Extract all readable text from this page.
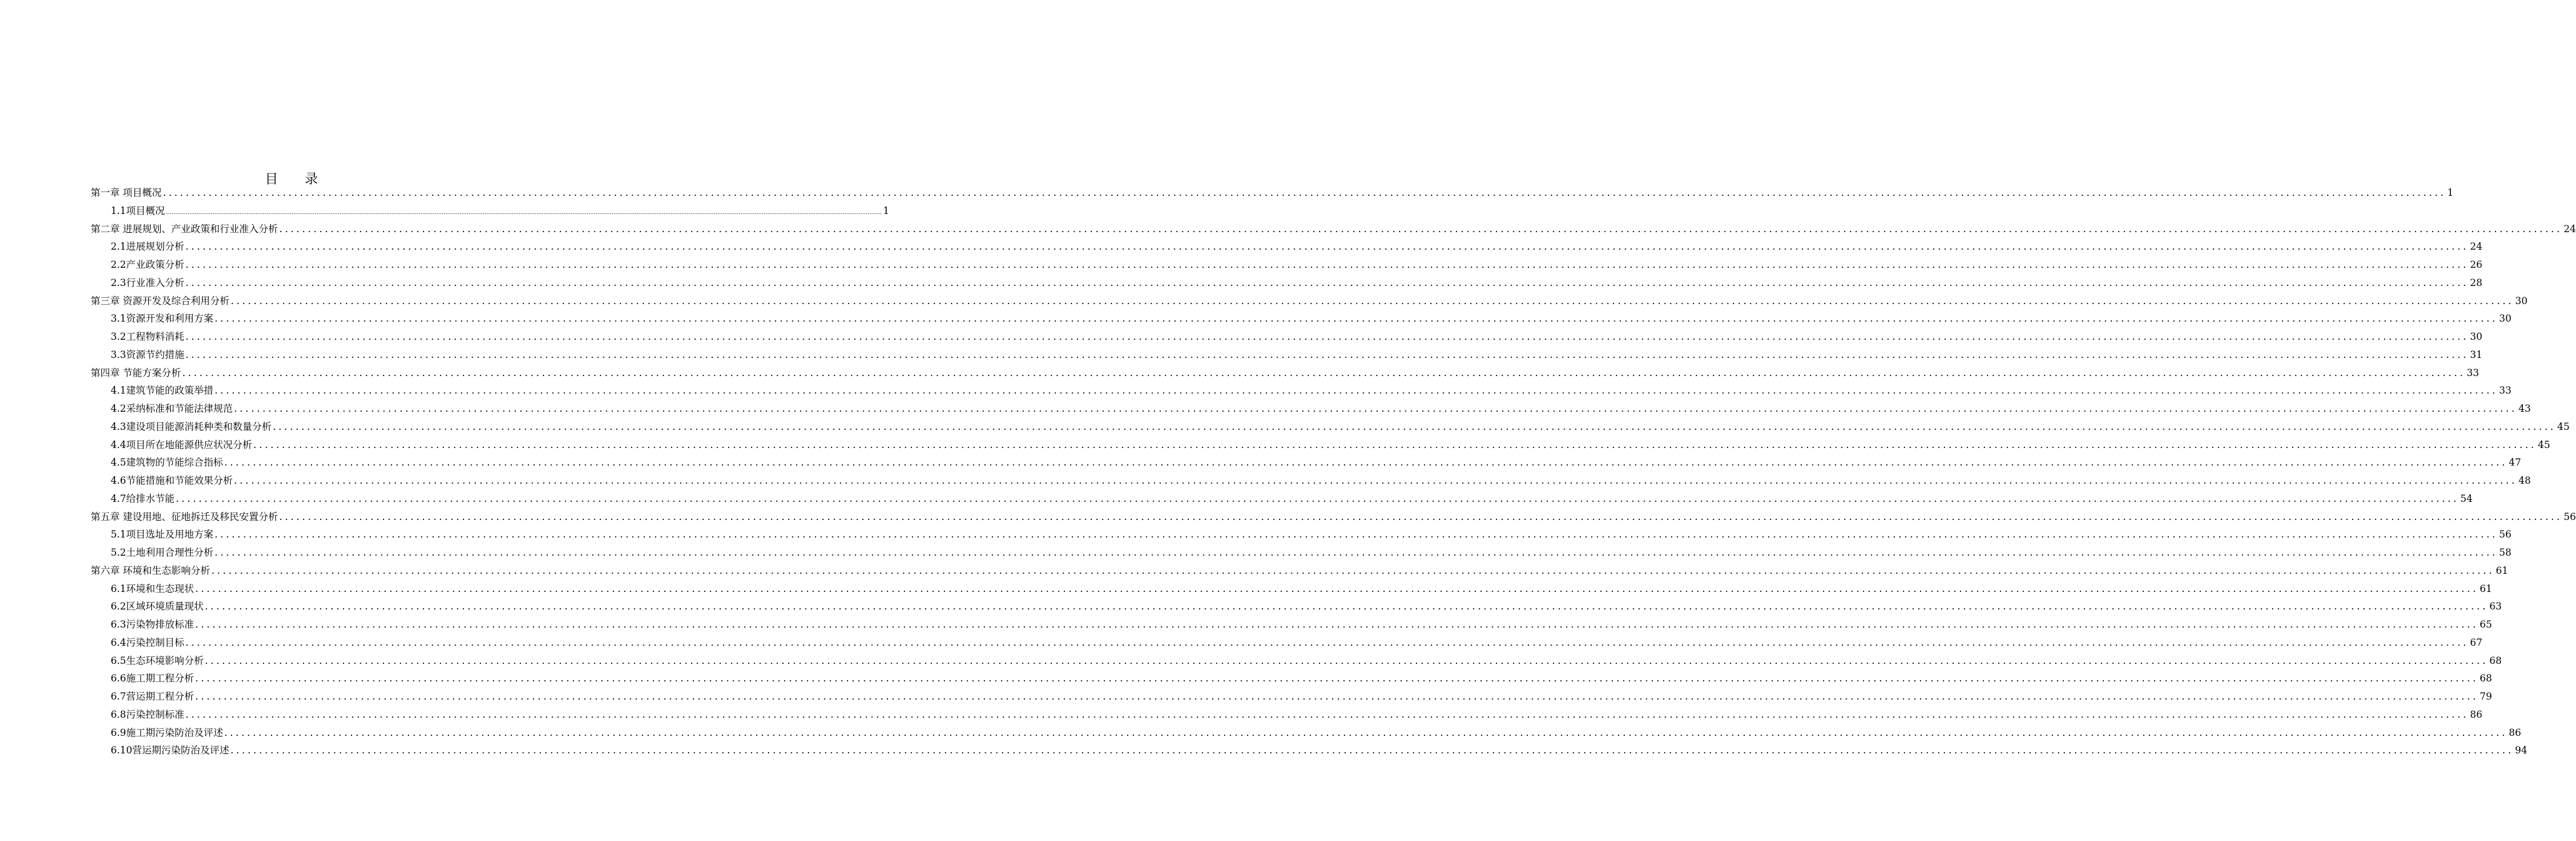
目 录
第一章 项目概况 ................................................................................................................................................................................................................................................................................................................................................................................................................ 1
1.1项目概况 ................................................................................................................................................................................................................................................................................................................................................................................................................ 1
第二章 进展规划、产业政策和行业准入分析 ................................................................................................................................................................................................................................................................................................................................................................................................................ 24
2.1进展规划分析 ................................................................................................................................................................................................................................................................................................................................................................................................................ 24
2.2产业政策分析 ................................................................................................................................................................................................................................................................................................................................................................................................................ 26
2.3行业准入分析 ................................................................................................................................................................................................................................................................................................................................................................................................................ 28
第三章 资源开发及综合利用分析 ................................................................................................................................................................................................................................................................................................................................................................................................................ 30
3.1资源开发和利用方案 ................................................................................................................................................................................................................................................................................................................................................................................................................ 30
3.2工程物料消耗 ................................................................................................................................................................................................................................................................................................................................................................................................................ 30
3.3资源节约措施 ................................................................................................................................................................................................................................................................................................................................................................................................................ 31
第四章 节能方案分析 ................................................................................................................................................................................................................................................................................................................................................................................................................ 33
4.1建筑节能的政策举措 ................................................................................................................................................................................................................................................................................................................................................................................................................ 33
4.2采纳标准和节能法律规范 ................................................................................................................................................................................................................................................................................................................................................................................................................ 43
4.3建设项目能源消耗种类和数量分析 ................................................................................................................................................................................................................................................................................................................................................................................................................ 45
4.4项目所在地能源供应状况分析 ................................................................................................................................................................................................................................................................................................................................................................................................................ 45
4.5建筑物的节能综合指标 ................................................................................................................................................................................................................................................................................................................................................................................................................ 47
4.6节能措施和节能效果分析 ................................................................................................................................................................................................................................................................................................................................................................................................................ 48
4.7给排水节能 ................................................................................................................................................................................................................................................................................................................................................................................................................ 54
第五章 建设用地、征地拆迁及移民安置分析 ................................................................................................................................................................................................................................................................................................................................................................................................................ 56
5.1项目选址及用地方案 ................................................................................................................................................................................................................................................................................................................................................................................................................ 56
5.2土地利用合理性分析 ................................................................................................................................................................................................................................................................................................................................................................................................................ 58
第六章 环境和生态影响分析 ................................................................................................................................................................................................................................................................................................................................................................................................................ 61
6.1环境和生态现状 ................................................................................................................................................................................................................................................................................................................................................................................................................ 61
6.2区域环境质量现状 ................................................................................................................................................................................................................................................................................................................................................................................................................ 63
6.3污染物排放标准 ................................................................................................................................................................................................................................................................................................................................................................................................................ 65
6.4污染控制目标 ................................................................................................................................................................................................................................................................................................................................................................................................................ 67
6.5生态环境影响分析 ................................................................................................................................................................................................................................................................................................................................................................................................................ 68
6.6施工期工程分析 ................................................................................................................................................................................................................................................................................................................................................................................................................ 68
6.7营运期工程分析 ................................................................................................................................................................................................................................................................................................................................................................................................................ 79
6.8污染控制标准 ................................................................................................................................................................................................................................................................................................................................................................................................................ 86
6.9施工期污染防治及评述 ................................................................................................................................................................................................................................................................................................................................................................................................................ 86
6.10营运期污染防治及评述 ................................................................................................................................................................................................................................................................................................................................................................................................................ 94
